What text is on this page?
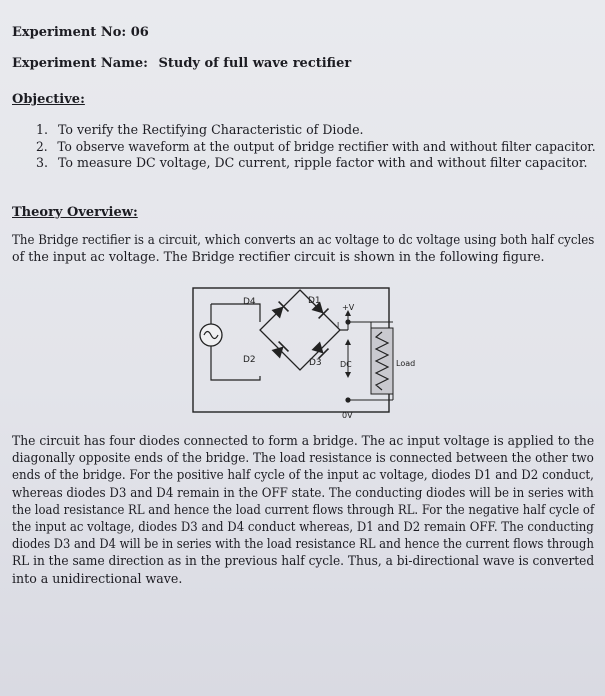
Experiment No: 06
Experiment Name: Study of full wave rectifier
Objective:
1. To verify the Rectifying Characteristic of Diode.
2. To observe waveform at the output of bridge rectifier with and without filter capacitor.
3. To measure DC voltage, DC current, ripple factor with and without filter capacitor.
Theory Overview:
The Bridge rectifier is a circuit, which converts an ac voltage to dc voltage using both half cycles
of the input ac voltage. The Bridge rectifier circuit is shown in the following figure.
D4	D1
D2	D3
+V
I
DC
0V
Load
The circuit has four diodes connected to form a bridge. The ac input voltage is applied to the
diagonally opposite ends of the bridge. The load resistance is connected between the other two
ends of the bridge. For the positive half cycle of the input ac voltage, diodes D1 and D2 conduct,
whereas diodes D3 and D4 remain in the OFF state. The conducting diodes will be in series with
the load resistance RL and hence the load current flows through RL. For the negative half cycle of
the input ac voltage, diodes D3 and D4 conduct whereas, D1 and D2 remain OFF. The conducting
diodes D3 and D4 will be in series with the load resistance RL and hence the current flows through
RL in the same direction as in the previous half cycle. Thus, a bi-directional wave is converted
into a unidirectional wave.
